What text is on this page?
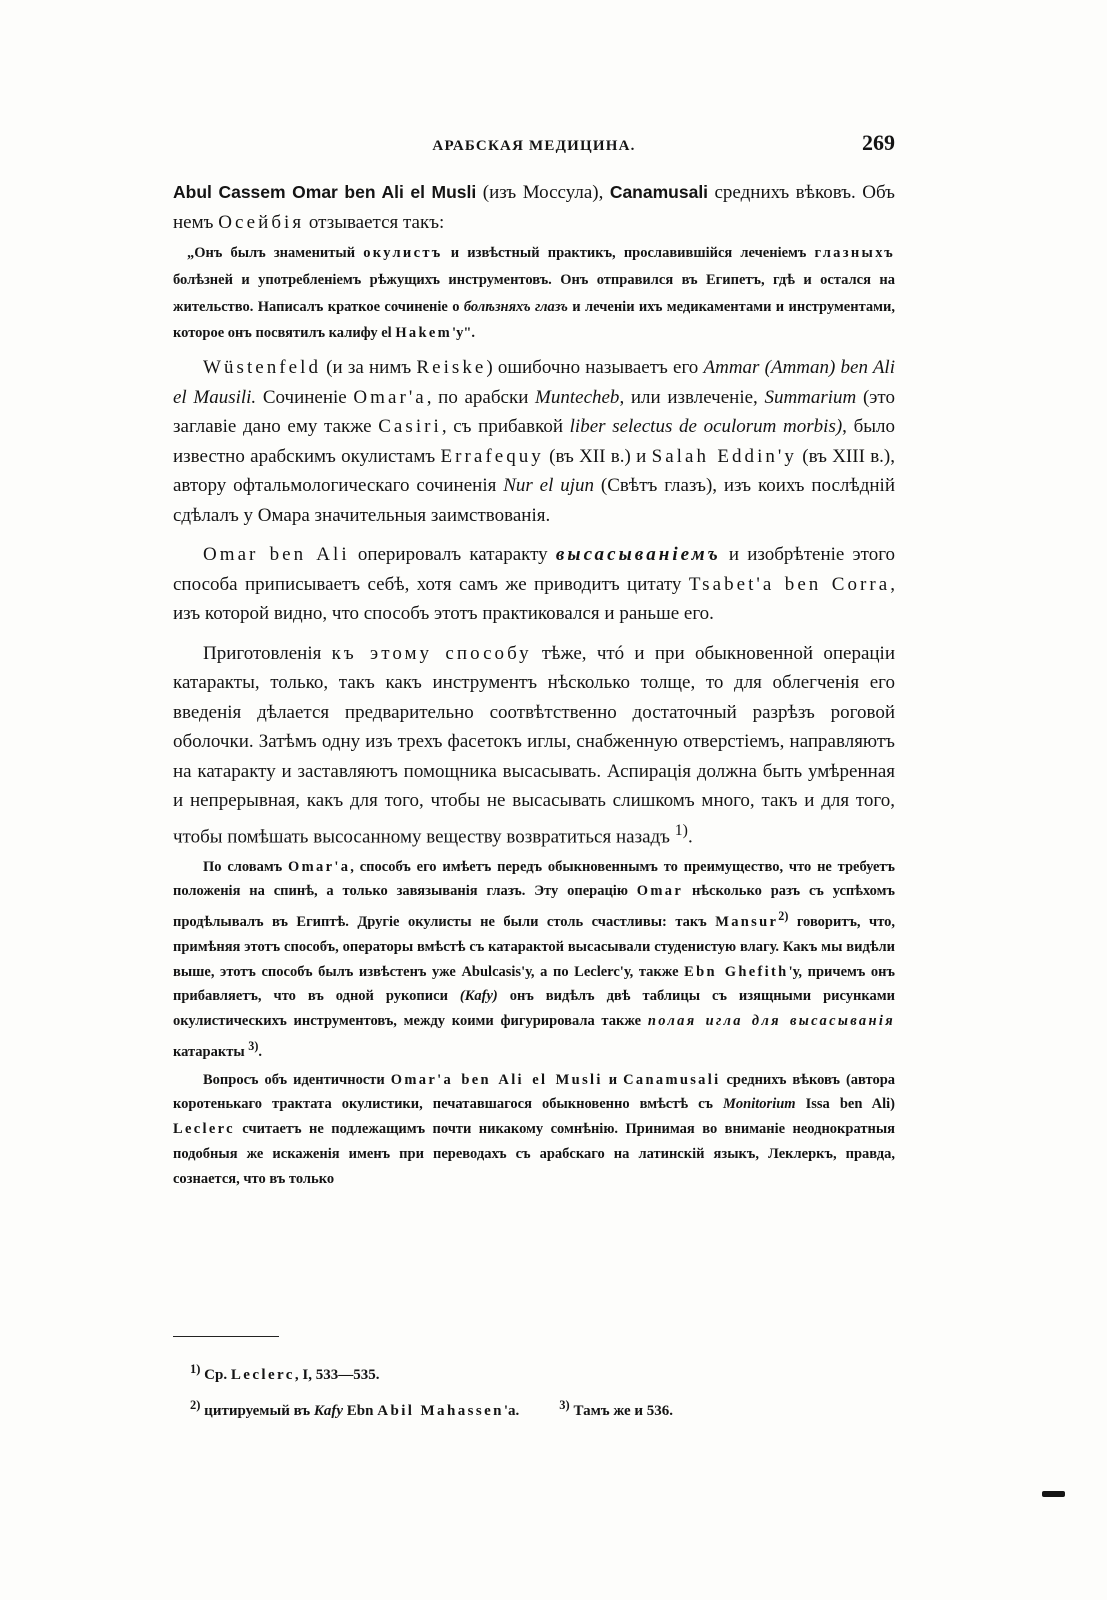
АРАБСКАЯ МЕДИЦИНА.	269

Abul Cassem Omar ben Ali el Musli (изъ Моссула), Canamusali среднихъ вѣковъ. Объ немъ Осейбія отзывается такъ:

„Онъ былъ знаменитый окулистъ и извѣстный практикъ, прославившійся леченіемъ глазныхъ болѣзней и употребленіемъ рѣжущихъ инструментовъ. Онъ отправился въ Египетъ, гдѣ и остался на жительство. Написалъ краткое сочиненіе о болѣзняхъ глазъ и леченіи ихъ медикаментами и инструментами, которое онъ посвятилъ калифу el Hakem'у".

Wüstenfeld (и за нимъ Reiske) ошибочно называетъ его Ammar (Amman) ben Ali el Mausili. Сочиненіе Omar'a, по арабски Muntecheb, или извлеченіе, Summarium (это заглавіе дано ему также Casiri, съ прибавкой liber selectus de oculorum morbis), было известно арабскимъ окулистамъ Errafequy (въ XII в.) и Salah Eddin'y (въ XIII в.), автору офтальмологическаго сочиненія Nur el ujun (Свѣтъ глазъ), изъ коихъ послѣдній сдѣлалъ у Омара значительныя заимствованія.

Omar ben Ali оперировалъ катаракту высасываніемъ и изобрѣтеніе этого способа приписываетъ себѣ, хотя самъ же приводитъ цитату Tsabet'a ben Corra, изъ которой видно, что способъ этотъ практиковался и раньше его.

Приготовленія къ этому способу тѣже, чтó и при обыкновенной операціи катаракты, только, такъ какъ инструментъ нѣсколько толще, то для облегченія его введенія дѣлается предварительно соотвѣтственно достаточный разрѣзъ роговой оболочки. Затѣмъ одну изъ трехъ фасетокъ иглы, снабженную отверстіемъ, направляютъ на катаракту и заставляютъ помощника высасывать. Аспирація должна быть умѣренная и непрерывная, какъ для того, чтобы не высасывать слишкомъ много, такъ и для того, чтобы помѣшать высосанному веществу возвратиться назадъ $^{1)}$.

По словамъ Omar'a, способъ его имѣетъ передъ обыкновеннымъ то преимущество, что не требуетъ положенія на спинѣ, а только завязыванія глазъ. Эту операцію Omar нѣсколько разъ съ успѣхомъ продѣлывалъ въ Египтѣ. Другіе окулисты не были столь счастливы: такъ Mansur$^{2)}$ говоритъ, что, примѣняя этотъ способъ, операторы вмѣстѣ съ катарактой высасывали студенистую влагу. Какъ мы видѣли выше, этотъ способъ былъ извѣстенъ уже Abulcasis'у, а по Leclerc'у, также Ebn Ghefith'у, причемъ онъ прибавляетъ, что въ одной рукописи (Kafy) онъ видѣлъ двѣ таблицы съ изящными рисунками окулистическихъ инструментовъ, между коими фигурировала также полая игла для высасыванія катаракты $^{3)}$.

Вопросъ объ идентичности Omar'a ben Ali el Musli и Canamusali среднихъ вѣковъ (автора коротенькаго трактата окулистики, печатавшагося обыкновенно вмѣстѣ съ Monitorium Issa ben Ali) Leclerc считаетъ не подлежащимъ почти никакому сомнѣнію. Принимая во вниманіе неоднократныя подобныя же искаженія именъ при переводахъ съ арабскаго на латинскій языкъ, Леклеркъ, правда, сознается, что въ только

$^{1)}$ Ср. Leclerc, I, 533—535.

$^{2)}$ цитируемый въ Kafy Ebn Abil Mahassen'a.	$^{3)}$ Тамъ же и 536.
